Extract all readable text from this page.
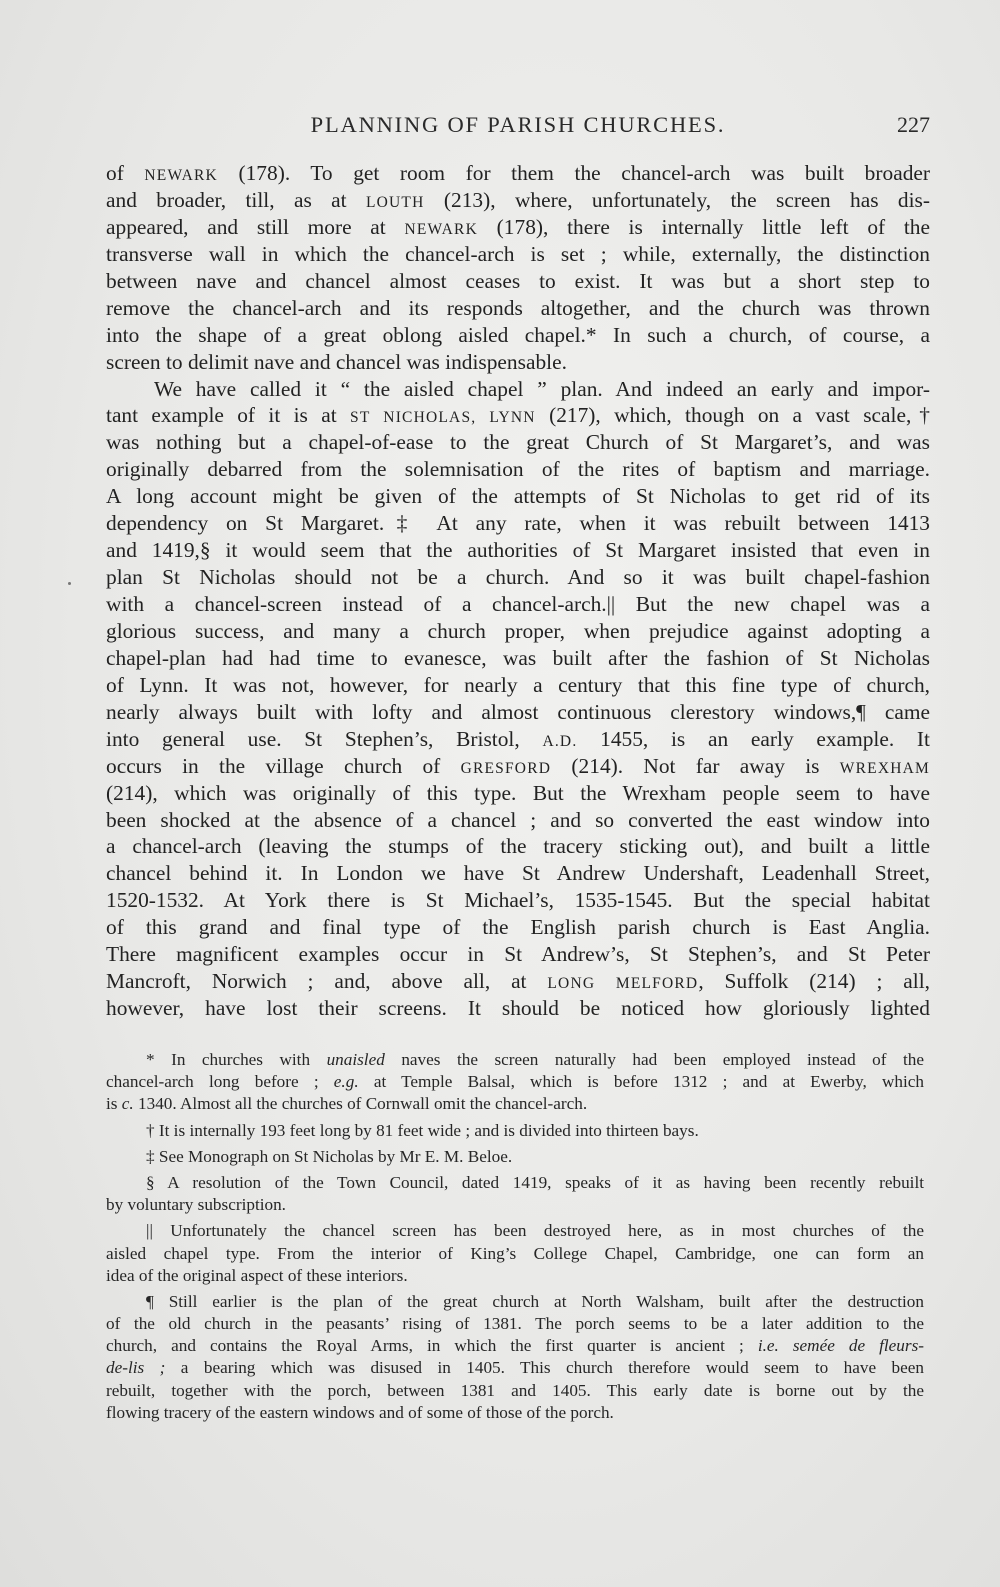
PLANNING OF PARISH CHURCHES.	227
of NEWARK (178). To get room for them the chancel-arch was built broader
and broader, till, as at LOUTH (213), where, unfortunately, the screen has dis-
appeared, and still more at NEWARK (178), there is internally little left of the
transverse wall in which the chancel-arch is set ; while, externally, the distinction
between nave and chancel almost ceases to exist. It was but a short step to
remove the chancel-arch and its responds altogether, and the church was thrown
into the shape of a great oblong aisled chapel.* In such a church, of course, a
screen to delimit nave and chancel was indispensable.
We have called it “ the aisled chapel ” plan. And indeed an early and impor-
tant example of it is at ST NICHOLAS, LYNN (217), which, though on a vast scale,†
was nothing but a chapel-of-ease to the great Church of St Margaret’s, and was
originally debarred from the solemnisation of the rites of baptism and marriage.
A long account might be given of the attempts of St Nicholas to get rid of its
dependency on St Margaret.‡ At any rate, when it was rebuilt between 1413
and 1419,§ it would seem that the authorities of St Margaret insisted that even in
plan St Nicholas should not be a church. And so it was built chapel-fashion
with a chancel-screen instead of a chancel-arch.|| But the new chapel was a
glorious success, and many a church proper, when prejudice against adopting a
chapel-plan had had time to evanesce, was built after the fashion of St Nicholas
of Lynn. It was not, however, for nearly a century that this fine type of church,
nearly always built with lofty and almost continuous clerestory windows,¶ came
into general use. St Stephen’s, Bristol, A.D. 1455, is an early example. It
occurs in the village church of GRESFORD (214). Not far away is WREXHAM
(214), which was originally of this type. But the Wrexham people seem to have
been shocked at the absence of a chancel ; and so converted the east window into
a chancel-arch (leaving the stumps of the tracery sticking out), and built a little
chancel behind it. In London we have St Andrew Undershaft, Leadenhall Street,
1520-1532. At York there is St Michael’s, 1535-1545. But the special habitat
of this grand and final type of the English parish church is East Anglia.
There magnificent examples occur in St Andrew’s, St Stephen’s, and St Peter
Mancroft, Norwich ; and, above all, at LONG MELFORD, Suffolk (214) ; all,
however, have lost their screens. It should be noticed how gloriously lighted
* In churches with unaisled naves the screen naturally had been employed instead of the
chancel-arch long before ; e.g. at Temple Balsal, which is before 1312 ; and at Ewerby, which
is c. 1340. Almost all the churches of Cornwall omit the chancel-arch.
† It is internally 193 feet long by 81 feet wide ; and is divided into thirteen bays.
‡ See Monograph on St Nicholas by Mr E. M. Beloe.
§ A resolution of the Town Council, dated 1419, speaks of it as having been recently rebuilt
by voluntary subscription.
|| Unfortunately the chancel screen has been destroyed here, as in most churches of the
aisled chapel type. From the interior of King’s College Chapel, Cambridge, one can form an
idea of the original aspect of these interiors.
¶ Still earlier is the plan of the great church at North Walsham, built after the destruction
of the old church in the peasants’ rising of 1381. The porch seems to be a later addition to the
church, and contains the Royal Arms, in which the first quarter is ancient ; i.e. semée de fleurs-
de-lis ; a bearing which was disused in 1405. This church therefore would seem to have been
rebuilt, together with the porch, between 1381 and 1405. This early date is borne out by the
flowing tracery of the eastern windows and of some of those of the porch.
